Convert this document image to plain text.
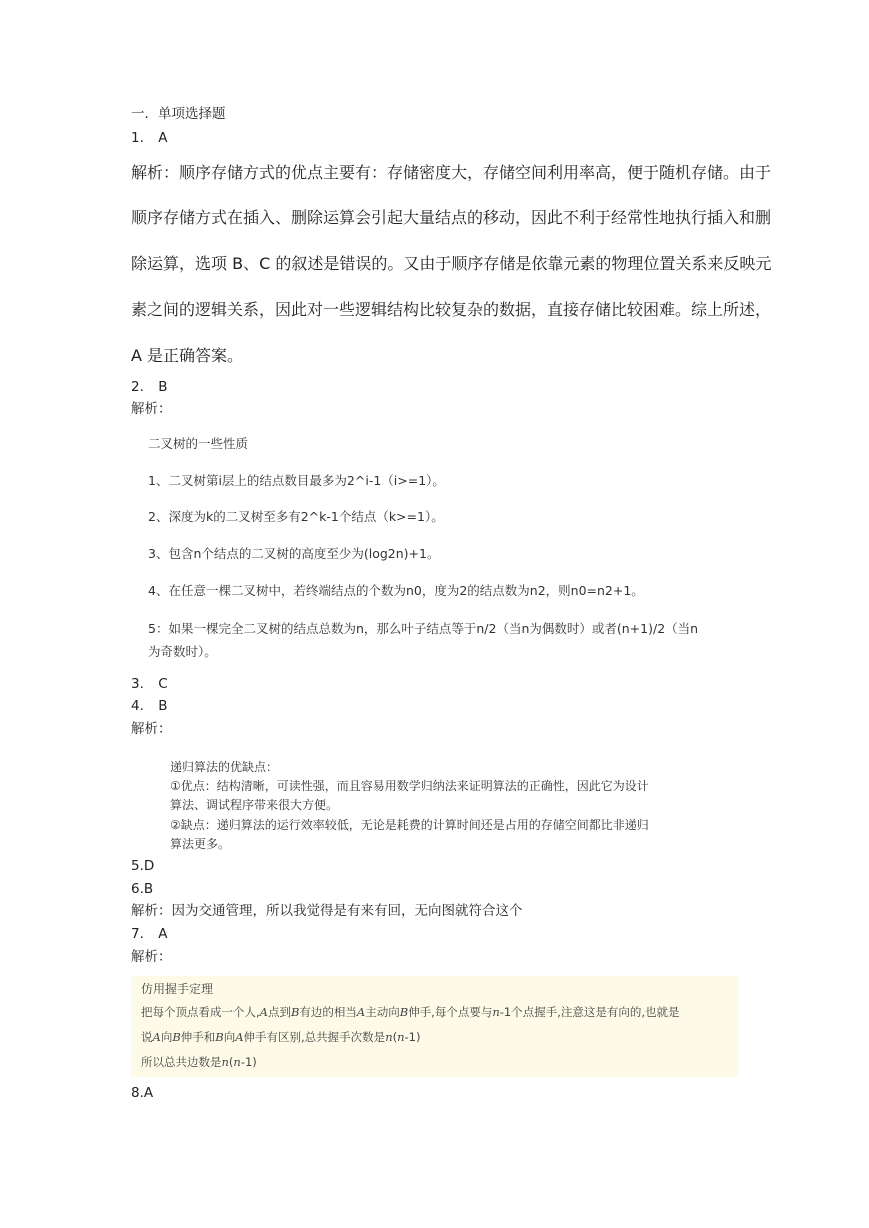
一．单项选择题
1. A
解析：顺序存储方式的优点主要有：存储密度大，存储空间利用率高，便于随机存储。由于
顺序存储方式在插入、删除运算会引起大量结点的移动，因此不利于经常性地执行插入和删
除运算，选项 B、C 的叙述是错误的。又由于顺序存储是依靠元素的物理位置关系来反映元
素之间的逻辑关系，因此对一些逻辑结构比较复杂的数据，直接存储比较困难。综上所述，
A 是正确答案。
2. B
解析：
二叉树的一些性质
1、二叉树第i层上的结点数目最多为2^i-1（i>=1）。
2、深度为k的二叉树至多有2^k-1个结点（k>=1）。
3、包含n个结点的二叉树的高度至少为(log2n)+1。
4、在任意一棵二叉树中，若终端结点的个数为n0，度为2的结点数为n2，则n0=n2+1。
5：如果一棵完全二叉树的结点总数为n，那么叶子结点等于n/2（当n为偶数时）或者(n+1)/2（当n
为奇数时）。
3. C
4. B
解析：
递归算法的优缺点：
①优点：结构清晰，可读性强，而且容易用数学归纳法来证明算法的正确性，因此它为设计
算法、调试程序带来很大方便。
②缺点：递归算法的运行效率较低，无论是耗费的计算时间还是占用的存储空间都比非递归
算法更多。
5.D
6.B
解析：因为交通管理，所以我觉得是有来有回，无向图就符合这个
7. A
解析：
仿用握手定理
把每个顶点看成一个人,A点到B有边的相当A主动向B伸手,每个点要与n-1个点握手,注意这是有向的,也就是
说A向B伸手和B向A伸手有区别,总共握手次数是n(n-1)
所以总共边数是n(n-1)
8.A
